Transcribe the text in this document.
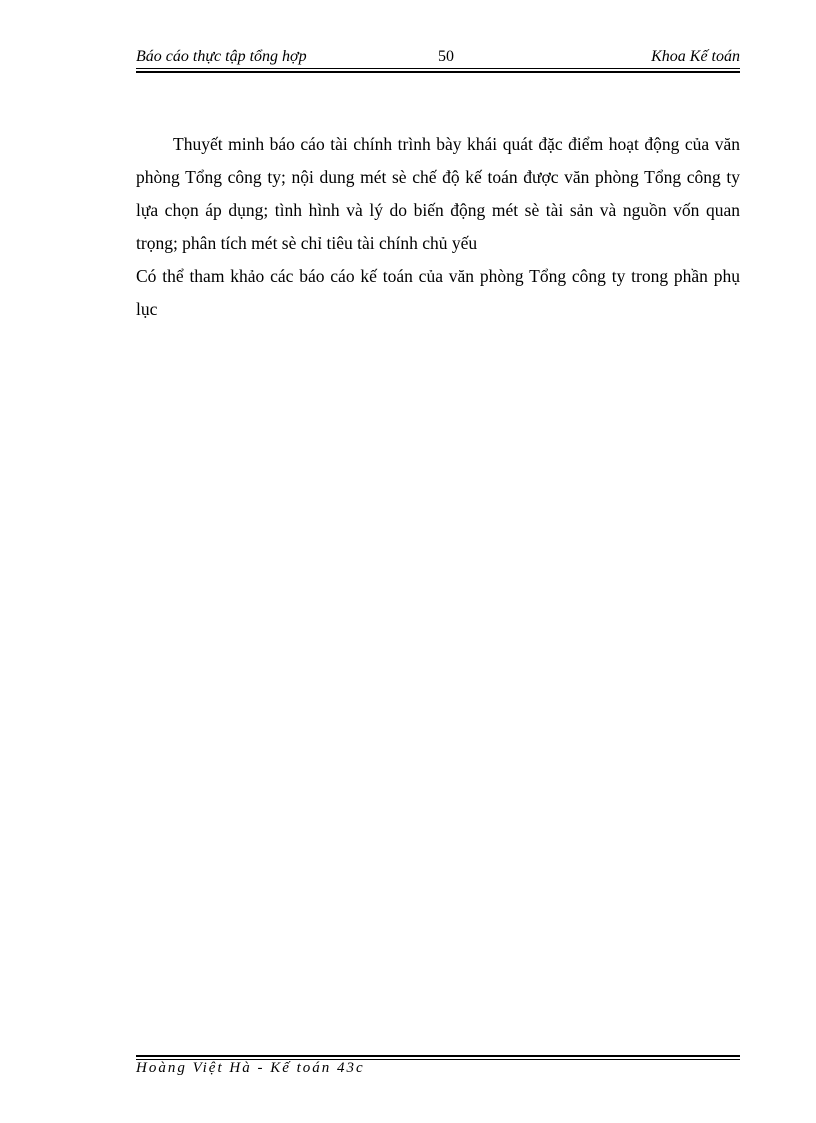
Báo cáo thực tập tổng hợp	50	Khoa Kế toán

Thuyết minh báo cáo tài chính trình bày khái quát đặc điểm hoạt động của văn phòng Tổng công ty; nội dung mét sè chế độ kế toán được văn phòng Tổng công ty lựa chọn áp dụng; tình hình và lý do biến động mét sè tài sản và nguồn vốn quan trọng; phân tích mét sè chỉ tiêu tài chính chủ yếu

Có thể tham khảo các báo cáo kế toán của văn phòng Tổng công ty trong phần phụ lục

Hoàng Việt Hà - Kế toán 43c
